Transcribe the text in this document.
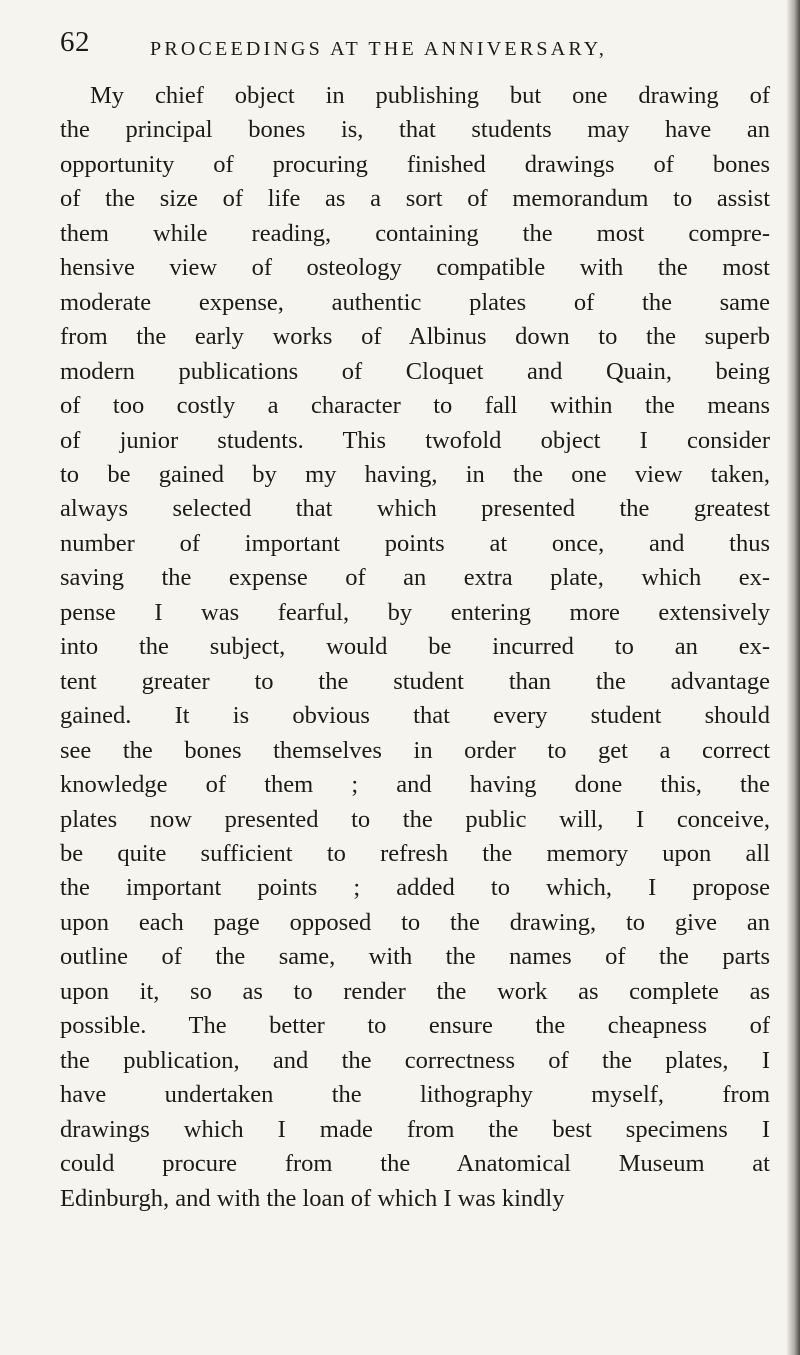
62	PROCEEDINGS AT THE ANNIVERSARY,

My chief object in publishing but one drawing of
the principal bones is, that students may have an
opportunity of procuring finished drawings of bones
of the size of life as a sort of memorandum to assist
them while reading, containing the most compre-
hensive view of osteology compatible with the most
moderate expense, authentic plates of the same
from the early works of Albinus down to the superb
modern publications of Cloquet and Quain, being
of too costly a character to fall within the means
of junior students. This twofold object I consider
to be gained by my having, in the one view taken,
always selected that which presented the greatest
number of important points at once, and thus
saving the expense of an extra plate, which ex-
pense I was fearful, by entering more extensively
into the subject, would be incurred to an ex-
tent greater to the student than the advantage
gained. It is obvious that every student should
see the bones themselves in order to get a correct
knowledge of them ; and having done this, the
plates now presented to the public will, I conceive,
be quite sufficient to refresh the memory upon all
the important points ; added to which, I propose
upon each page opposed to the drawing, to give an
outline of the same, with the names of the parts
upon it, so as to render the work as complete as
possible. The better to ensure the cheapness of
the publication, and the correctness of the plates, I
have undertaken the lithography myself, from
drawings which I made from the best specimens I
could procure from the Anatomical Museum at
Edinburgh, and with the loan of which I was kindly
